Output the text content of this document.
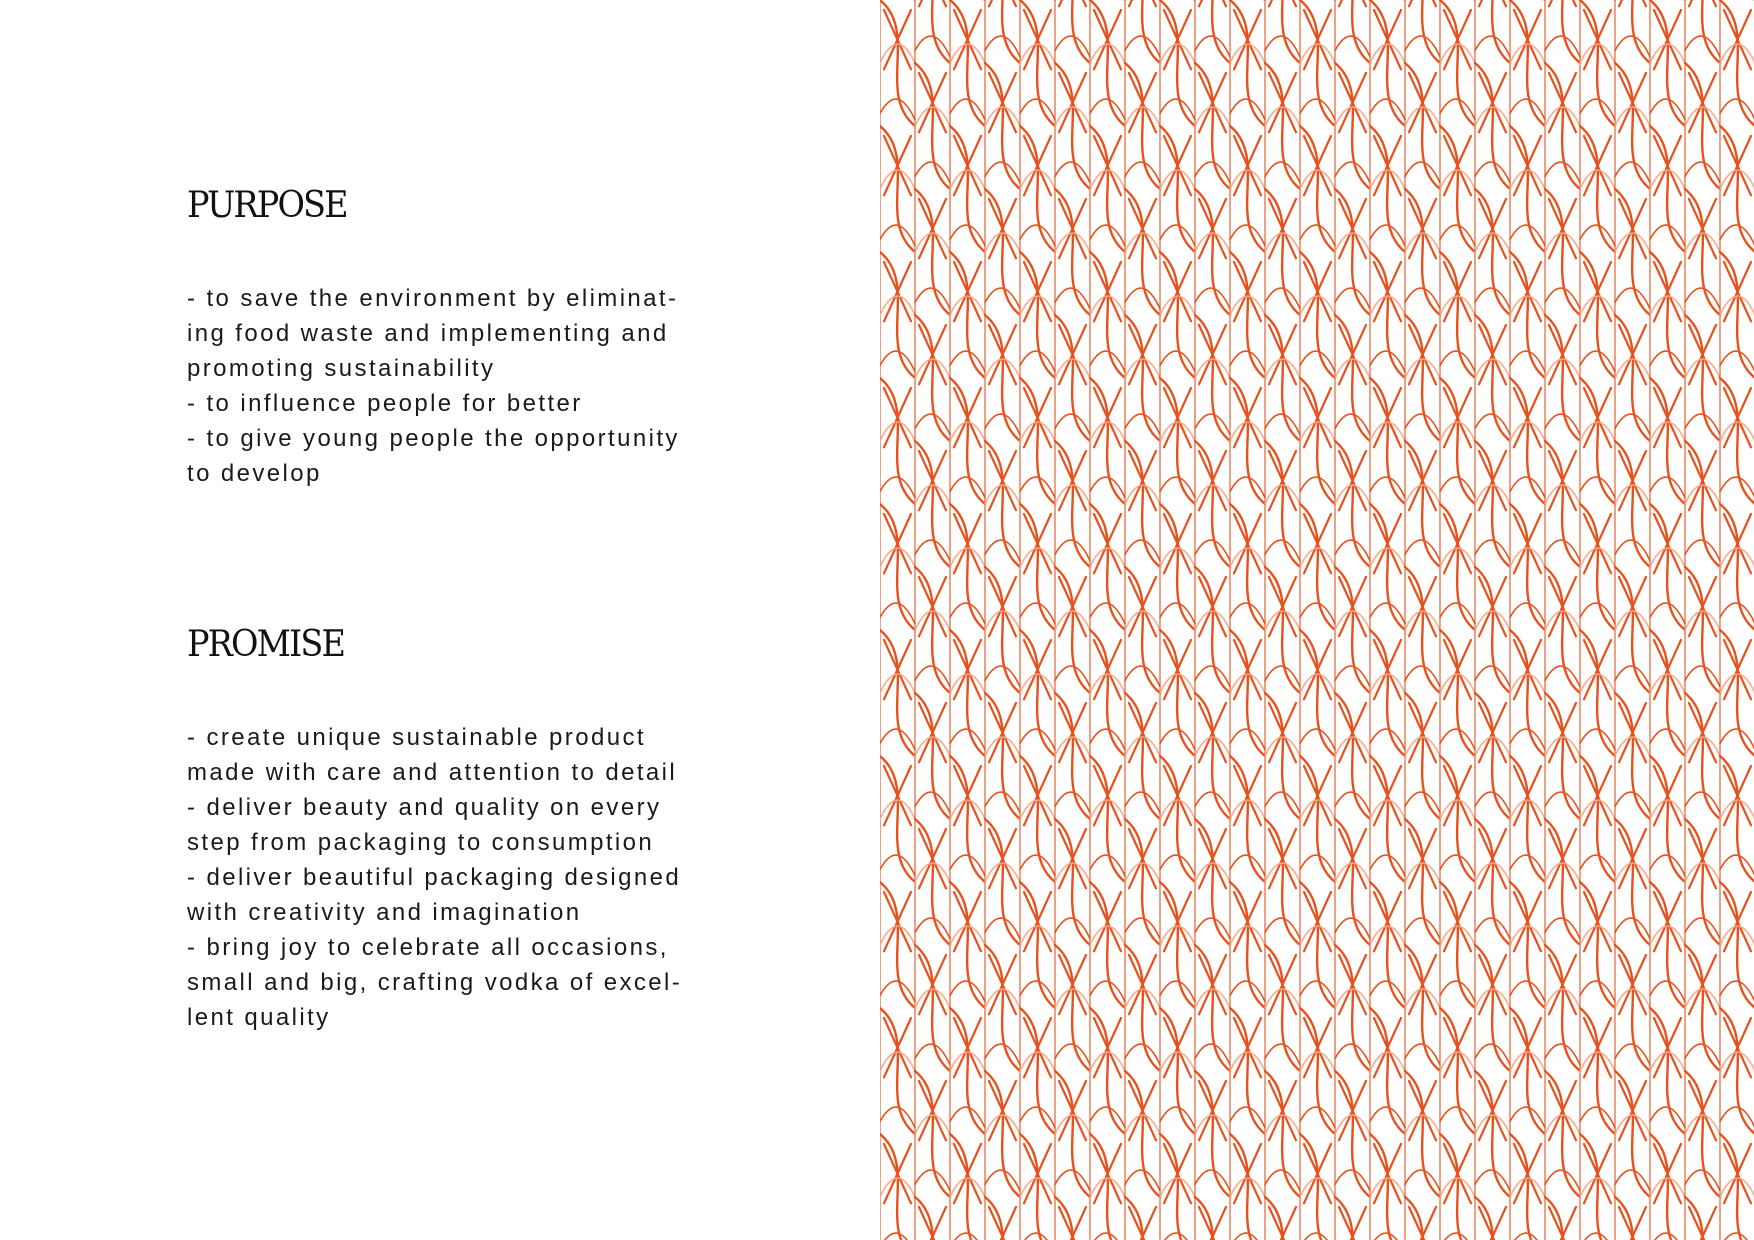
PURPOSE
- to save the environment by eliminat-
ing food waste and implementing and
promoting sustainability
- to influence people for better
- to give young people the opportunity
to develop
PROMISE
- create unique sustainable product
made with care and attention to detail
- deliver beauty and quality on every
step from packaging to consumption
- deliver beautiful packaging designed
with creativity and imagination
- bring joy to celebrate all occasions,
small and big, crafting vodka of excel-
lent quality
